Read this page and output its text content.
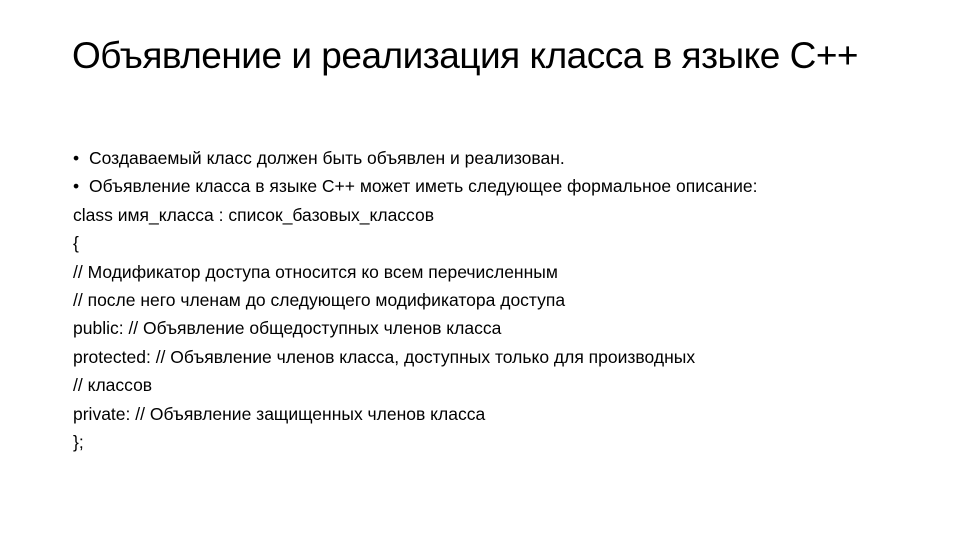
Объявление и реализация класса в языке С++
• Создаваемый класс должен быть объявлен и реализован.
• Объявление класса в языке С++ может иметь следующее формальное описание:
class имя_класса : список_базовых_классов
{
// Модификатор доступа относится ко всем перечисленным
// после него членам до следующего модификатора доступа
public: // Объявление общедоступных членов класса
protected: // Объявление членов класса, доступных только для производных
// классов
private: // Объявление защищенных членов класса
};
